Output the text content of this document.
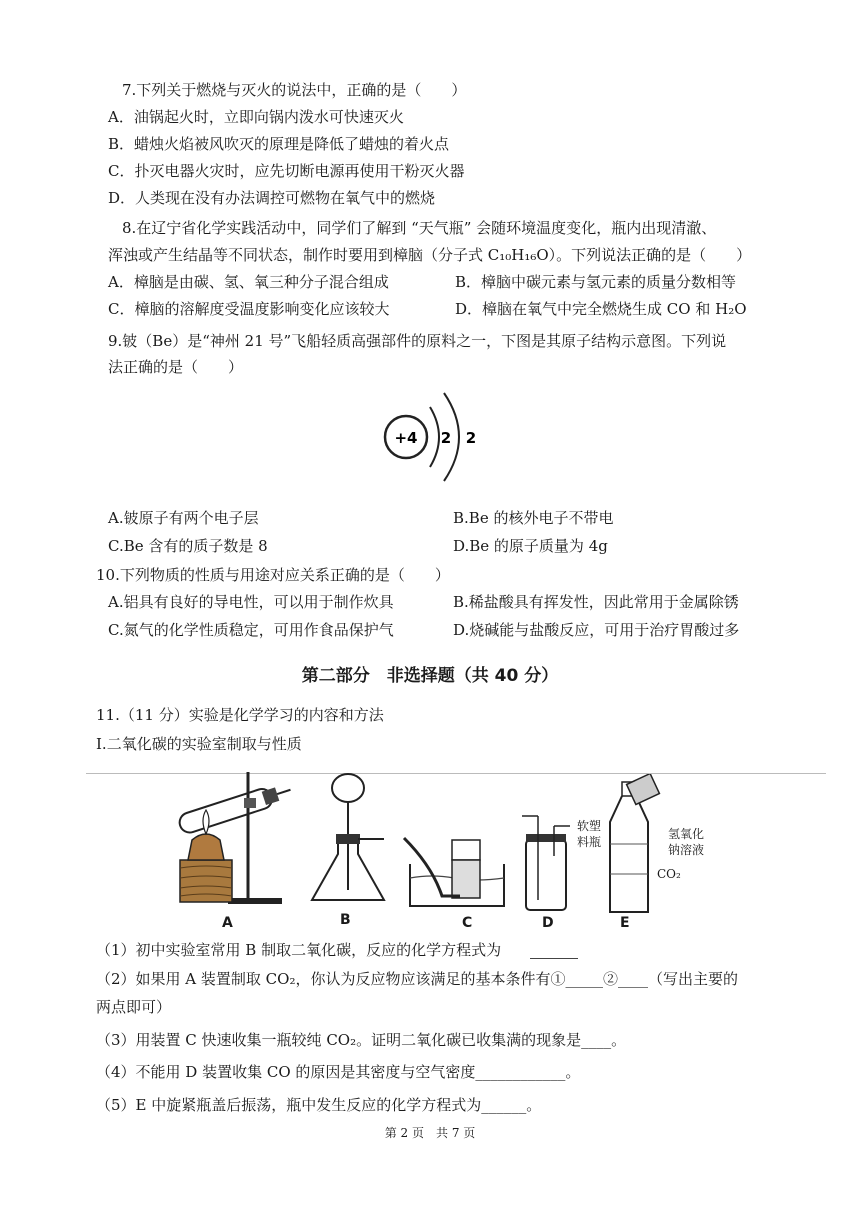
7.下列关于燃烧与灭火的说法中，正确的是（　　）
A．油锅起火时，立即向锅内泼水可快速灭火
B．蜡烛火焰被风吹灭的原理是降低了蜡烛的着火点
C．扑灭电器火灾时，应先切断电源再使用干粉灭火器
D．人类现在没有办法调控可燃物在氧气中的燃烧
8.在辽宁省化学实践活动中，同学们了解到 “天气瓶” 会随环境温度变化，瓶内出现清澈、
浑浊或产生结晶等不同状态，制作时要用到樟脑（分子式 C₁₀H₁₆O）。下列说法正确的是（　　）
A．樟脑是由碳、氢、氧三种分子混合组成	B．樟脑中碳元素与氢元素的质量分数相等
C．樟脑的溶解度受温度影响变化应该较大	D．樟脑在氧气中完全燃烧生成 CO 和 H₂O
9.铍（Be）是“神州 21 号”飞船轻质高强部件的原料之一，下图是其原子结构示意图。下列说
法正确的是（　　）
+4 2 2
A.铍原子有两个电子层	B.Be 的核外电子不带电
C.Be 含有的质子数是 8	D.Be 的原子质量为 4g
10.下列物质的性质与用途对应关系正确的是（　　）
A.铝具有良好的导电性，可以用于制作炊具	B.稀盐酸具有挥发性，因此常用于金属除锈
C.氮气的化学性质稳定，可用作食品保护气	D.烧碱能与盐酸反应，可用于治疗胃酸过多
第二部分　非选择题（共 40 分）
11.（11 分）实验是化学学习的内容和方法
Ⅰ.二氧化碳的实验室制取与性质
软塑
料瓶
氢氧化
钠溶液
CO₂
A	B	C	D	E
（1）初中实验室常用 B 制取二氧化碳，反应的化学方程式为
（2）如果用 A 装置制取 CO₂，你认为反应物应该满足的基本条件有①_____②____（写出主要的
两点即可）
（3）用装置 C 快速收集一瓶较纯 CO₂。证明二氧化碳已收集满的现象是____。
（4）不能用 D 装置收集 CO 的原因是其密度与空气密度____________。
（5）E 中旋紧瓶盖后振荡，瓶中发生反应的化学方程式为______。
第 2 页　共 7 页
